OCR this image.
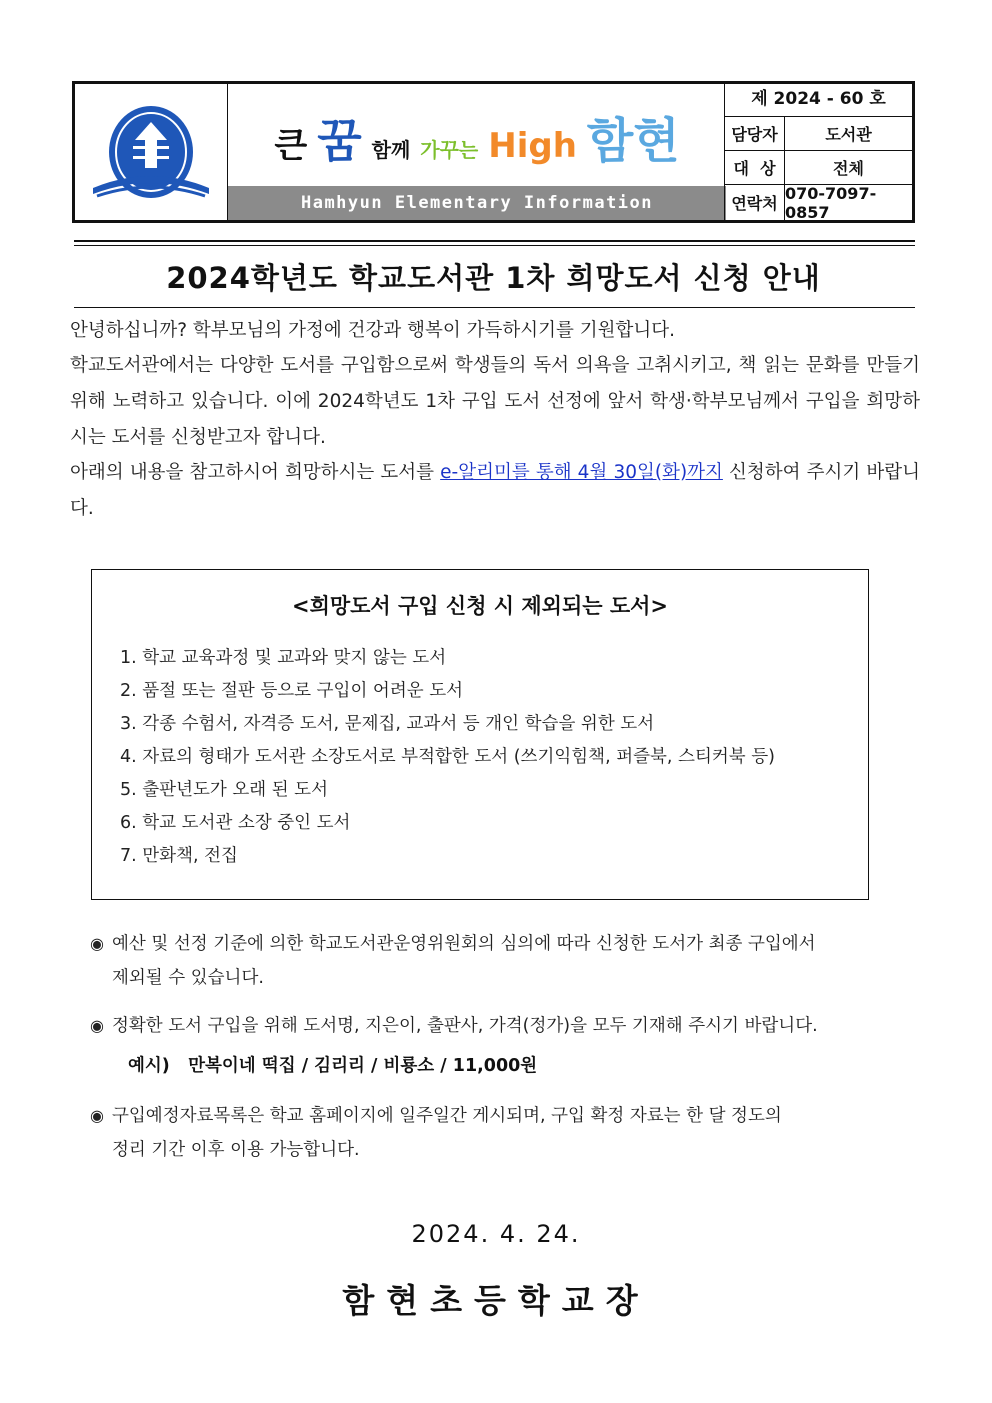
큰 꿈 함께 가꾸는 High 함현
Hamhyun Elementary Information
제 2024 - 60 호
담당자	도서관
대  상	전체
연락처
070-7097-0857
2024학년도 학교도서관 1차 희망도서 신청 안내

안녕하십니까? 학부모님의 가정에 건강과 행복이 가득하시기를 기원합니다.

학교도서관에서는 다양한 도서를 구입함으로써 학생들의 독서 의욕을 고취시키고, 책 읽는 문화를 만들기 위해 노력하고 있습니다. 이에 2024학년도 1차 구입 도서 선정에 앞서 학생·학부모님께서 구입을 희망하시는 도서를 신청받고자 합니다.

아래의 내용을 참고하시어 희망하시는 도서를 e-알리미를 통해 4월 30일(화)까지 신청하여 주시기 바랍니다.

<희망도서 구입 신청 시 제외되는 도서>
1. 학교 교육과정 및 교과와 맞지 않는 도서
2. 품절 또는 절판 등으로 구입이 어려운 도서
3. 각종 수험서, 자격증 도서, 문제집, 교과서 등 개인 학습을 위한 도서
4. 자료의 형태가 도서관 소장도서로 부적합한 도서 (쓰기익힘책, 퍼즐북, 스티커북 등)
5. 출판년도가 오래 된 도서
6. 학교 도서관 소장 중인 도서
7. 만화책, 전집
◉ 예산 및 선정 기준에 의한 학교도서관운영위원회의 심의에 따라 신청한 도서가 최종 구입에서
제외될 수 있습니다.
◉ 정확한 도서 구입을 위해 도서명, 지은이, 출판사, 가격(정가)을 모두 기재해 주시기 바랍니다.
예시)   만복이네 떡집 / 김리리 / 비룡소 / 11,000원
◉ 구입예정자료목록은 학교 홈페이지에 일주일간 게시되며, 구입 확정 자료는 한 달 정도의
정리 기간 이후 이용 가능합니다.
2024. 4. 24.
함현초등학교장
